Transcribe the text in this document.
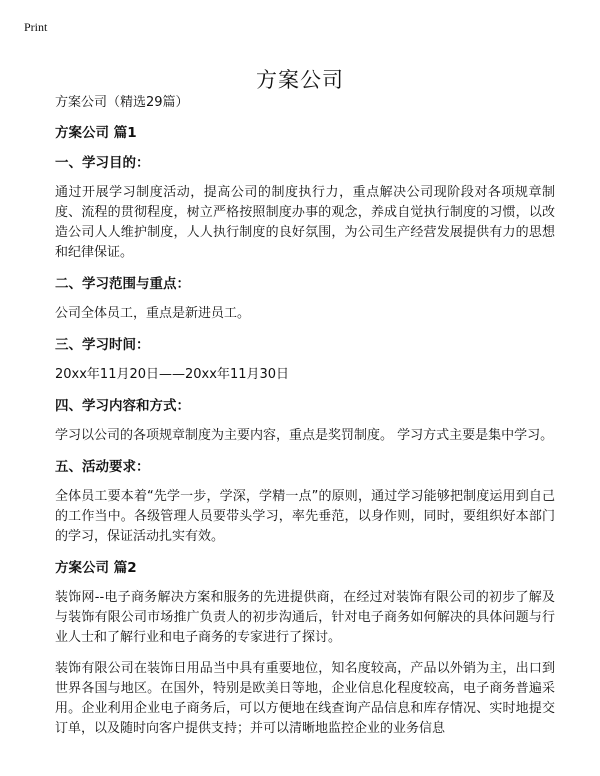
Print
方案公司
方案公司（精选29篇）
方案公司 篇1
一、学习目的：

通过开展学习制度活动，提高公司的制度执行力，重点解决公司现阶段对各项规章制度、流程的贯彻程度，树立严格按照制度办事的观念，养成自觉执行制度的习惯，以改造公司人人维护制度，人人执行制度的良好氛围，为公司生产经营发展提供有力的思想和纪律保证。

二、学习范围与重点：

公司全体员工，重点是新进员工。

三、学习时间：

20xx年11月20日——20xx年11月30日

四、学习内容和方式：

学习以公司的各项规章制度为主要内容，重点是奖罚制度。 学习方式主要是集中学习。

五、活动要求：

全体员工要本着“先学一步，学深，学精一点”的原则，通过学习能够把制度运用到自己的工作当中。各级管理人员要带头学习，率先垂范，以身作则，同时，要组织好本部门的学习，保证活动扎实有效。

方案公司 篇2

装饰网--电子商务解决方案和服务的先进提供商，在经过对装饰有限公司的初步了解及与装饰有限公司市场推广负责人的初步沟通后，针对电子商务如何解决的具体问题与行业人士和了解行业和电子商务的专家进行了探讨。

装饰有限公司在装饰日用品当中具有重要地位，知名度较高，产品以外销为主，出口到世界各国与地区。在国外，特别是欧美日等地，企业信息化程度较高，电子商务普遍采用。企业利用企业电子商务后，可以方便地在线查询产品信息和库存情况、实时地提交订单，以及随时向客户提供支持；并可以清晰地监控企业的业务信息
